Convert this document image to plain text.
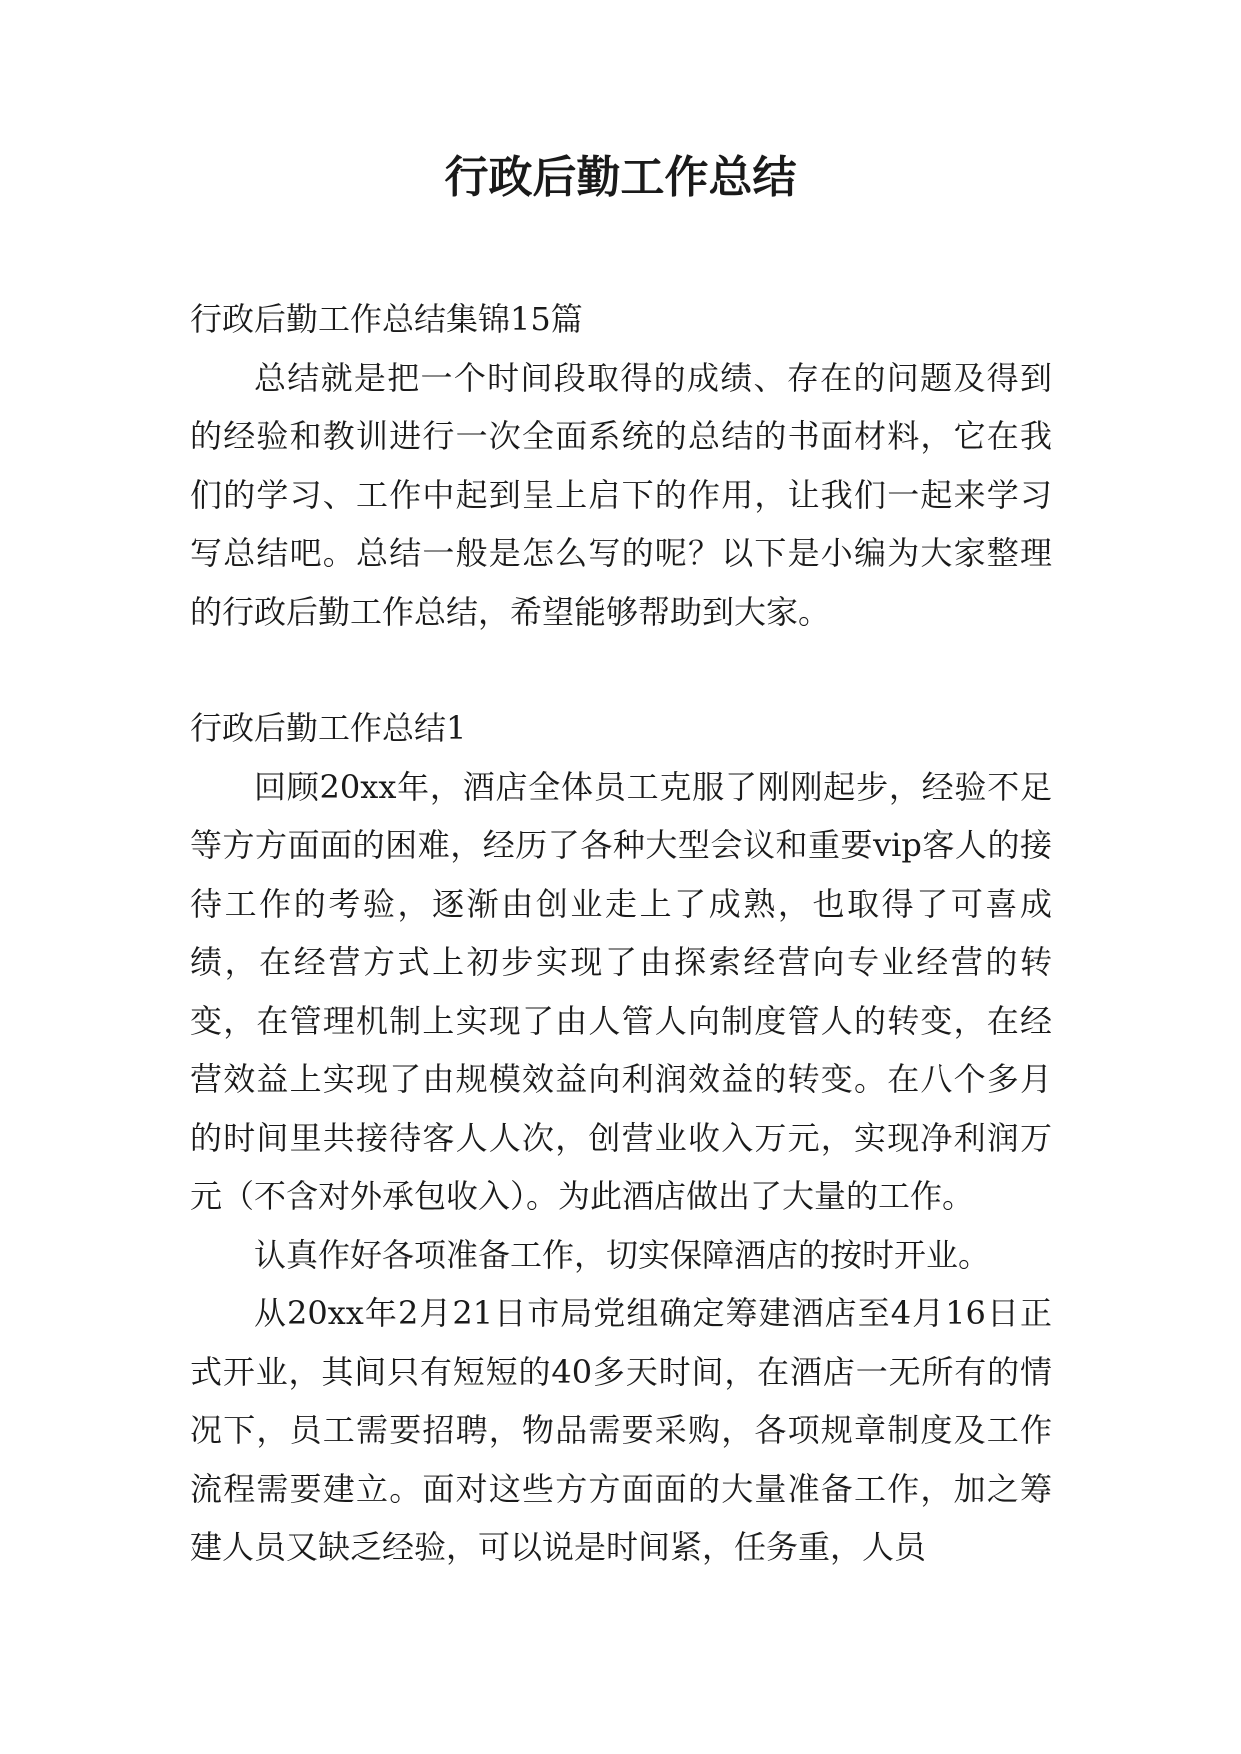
行政后勤工作总结

行政后勤工作总结集锦15篇

总结就是把一个时间段取得的成绩、存在的问题及得到的经验和教训进行一次全面系统的总结的书面材料，它在我们的学习、工作中起到呈上启下的作用，让我们一起来学习写总结吧。总结一般是怎么写的呢？以下是小编为大家整理的行政后勤工作总结，希望能够帮助到大家。

行政后勤工作总结1

回顾20xx年，酒店全体员工克服了刚刚起步，经验不足等方方面面的困难，经历了各种大型会议和重要vip客人的接待工作的考验，逐渐由创业走上了成熟，也取得了可喜成绩，在经营方式上初步实现了由探索经营向专业经营的转变，在管理机制上实现了由人管人向制度管人的转变，在经营效益上实现了由规模效益向利润效益的转变。在八个多月的时间里共接待客人人次，创营业收入万元，实现净利润万元（不含对外承包收入）。为此酒店做出了大量的工作。

认真作好各项准备工作，切实保障酒店的按时开业。

从20xx年2月21日市局党组确定筹建酒店至4月16日正式开业，其间只有短短的40多天时间，在酒店一无所有的情况下，员工需要招聘，物品需要采购，各项规章制度及工作流程需要建立。面对这些方方面面的大量准备工作，加之筹建人员又缺乏经验，可以说是时间紧，任务重，人员
